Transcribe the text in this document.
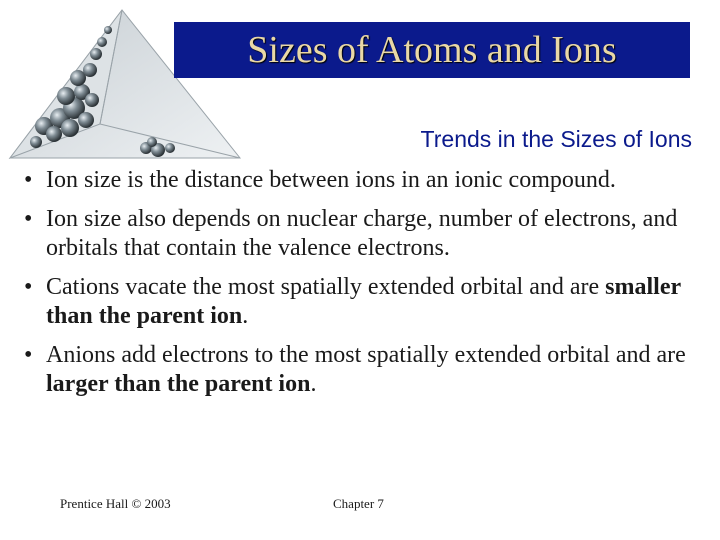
Sizes of Atoms and Ions
Trends in the Sizes of Ions
• Ion size is the distance between ions in an ionic compound.
• Ion size also depends on nuclear charge, number of electrons, and orbitals that contain the valence electrons.
• Cations vacate the most spatially extended orbital and are smaller than the parent ion.
• Anions add electrons to the most spatially extended orbital and are larger than the parent ion.
Prentice Hall © 2003	Chapter 7
